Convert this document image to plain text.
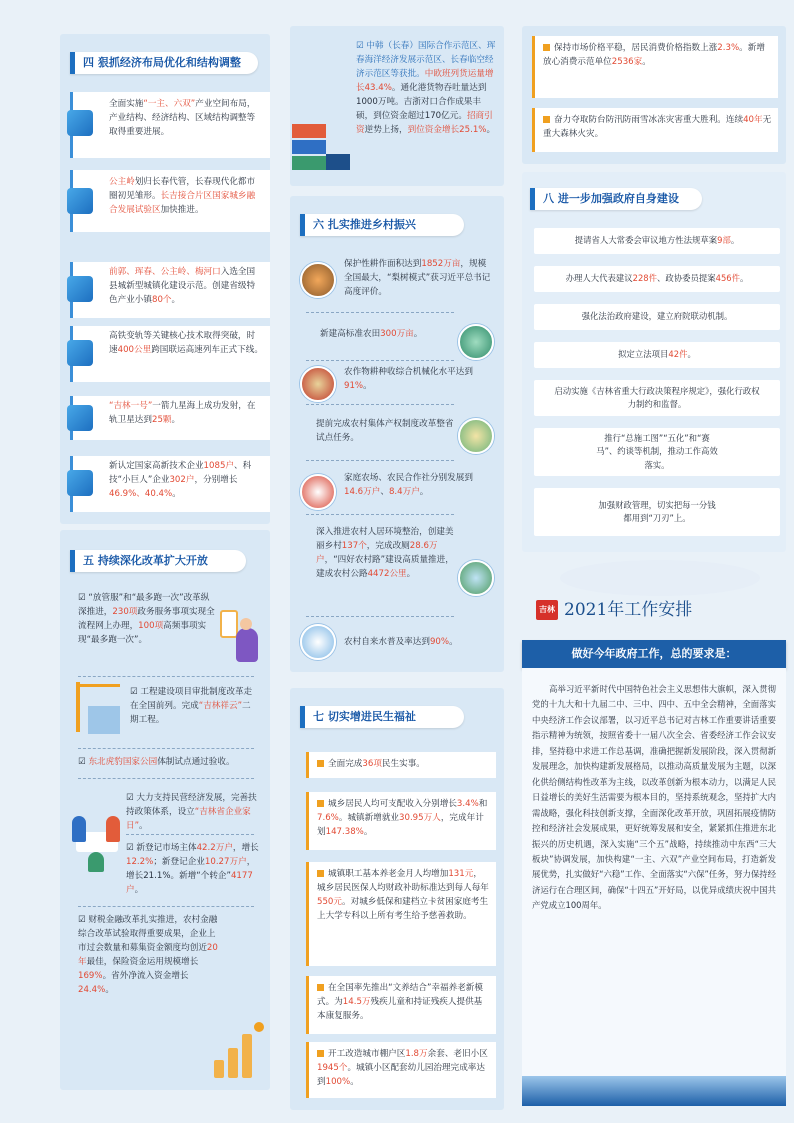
四 狠抓经济布局优化和结构调整
全面实施“一主、六双”产业空间布局，产业结构、经济结构、区域结构调整等取得重要进展。
公主岭划归长春代管，长春现代化都市圈初见雏形。长吉接合片区国家城乡融合发展试验区加快推进。
前郭、珲春、公主岭、梅河口入选全国县城新型城镇化建设示范。创建省级特色产业小镇80个。
高铁变轨等关键核心技术取得突破，时速400公里跨国联运高速列车正式下线。
“吉林一号”一箭九星海上成功发射，在轨卫星达到25颗。
新认定国家高新技术企业1085户、科技“小巨人”企业302户，分别增长46.9%、40.4%。
五 持续深化改革扩大开放
☑ “放管服”和“最多跑一次”改革纵深推进，230项政务服务事项实现全流程网上办理，100项高频事项实现“最多跑一次”。
☑ 工程建设项目审批制度改革走在全国前列。完成“吉林祥云”二期工程。
☑ 东北虎豹国家公园体制试点通过验收。
☑ 大力支持民营经济发展，完善扶持政策体系，设立“吉林省企业家日”。
☑ 新登记市场主体42.2万户，增长12.2%；新登记企业10.27万户，增长21.1%。新增“个转企”4177户。
☑ 财税金融改革扎实推进，农村金融综合改革试验取得重要成果，企业上市过会数量和募集资金额度均创近20年最佳，保险资金运用规模增长169%。省外净流入资金增长24.4%。
☑ 中韩（长春）国际合作示范区、珲春海洋经济发展示范区、长春临空经济示范区等获批。中欧班列货运量增长43.4%。通化港货物吞吐量达到1000万吨。吉浙对口合作成果丰硕，到位资金超过170亿元。招商引资逆势上扬，到位资金增长25.1%。
六 扎实推进乡村振兴
保护性耕作面积达到1852万亩，规模全国最大，“梨树模式”获习近平总书记高度评价。
新建高标准农田300万亩。
农作物耕种收综合机械化水平达到91%。
提前完成农村集体产权制度改革整省试点任务。
家庭农场、农民合作社分别发展到14.6万户、8.4万户。
深入推进农村人居环境整治，创建美丽乡村137个，完成改厕28.6万户，“四好农村路”建设高质量推进，建成农村公路4472公里。
农村自来水普及率达到90%。
七 切实增进民生福祉
全面完成36项民生实事。
城乡居民人均可支配收入分别增长3.4%和7.6%。城镇新增就业30.95万人，完成年计划147.38%。
城镇职工基本养老金月人均增加131元，城乡居民医保人均财政补助标准达到每人每年550元。对城乡低保和建档立卡贫困家庭考生上大学专科以上所有考生给予慈善救助。
在全国率先推出“文养结合”幸福养老新模式。为14.5万残疾儿童和持证残疾人提供基本康复服务。
开工改造城市棚户区1.8万余套、老旧小区1945个。城镇小区配套幼儿园治理完成率达到100%。
保持市场价格平稳，居民消费价格指数上涨2.3%。新增放心消费示范单位2536家。
奋力夺取防台防汛防雨雪冰冻灾害重大胜利。连续40年无重大森林火灾。
八 进一步加强政府自身建设
提请省人大常委会审议地方性法规草案9部。
办理人大代表建议228件、政协委员提案456件。
强化法治政府建设，建立府院联动机制。
拟定立法项目42件。
启动实施《吉林省重大行政决策程序规定》，强化行政权力制约和监督。
推行“总施工图”“五化”和“赛马”、约谈等机制，推动工作高效落实。
加强财政管理，切实把每一分钱都用到“刀刃”上。
吉林 2021年工作安排
做好今年政府工作，总的要求是：
高举习近平新时代中国特色社会主义思想伟大旗帜，深入贯彻党的十九大和十九届二中、三中、四中、五中全会精神，全面落实中央经济工作会议部署，以习近平总书记对吉林工作重要讲话重要指示精神为统领，按照省委十一届八次全会、省委经济工作会议安排，坚持稳中求进工作总基调，准确把握新发展阶段，深入贯彻新发展理念，加快构建新发展格局，以推动高质量发展为主题，以深化供给侧结构性改革为主线，以改革创新为根本动力，以满足人民日益增长的美好生活需要为根本目的，坚持系统观念，坚持扩大内需战略，强化科技创新支撑，全面深化改革开放，巩固拓展疫情防控和经济社会发展成果，更好统筹发展和安全，紧紧抓住推进东北振兴的历史机遇，深入实施“三个五”战略，持续推动中东西“三大板块”协调发展，加快构建“一主、六双”产业空间布局，打造新发展优势，扎实做好“六稳”工作、全面落实“六保”任务，努力保持经济运行在合理区间，确保“十四五”开好局，以优异成绩庆祝中国共产党成立100周年。
